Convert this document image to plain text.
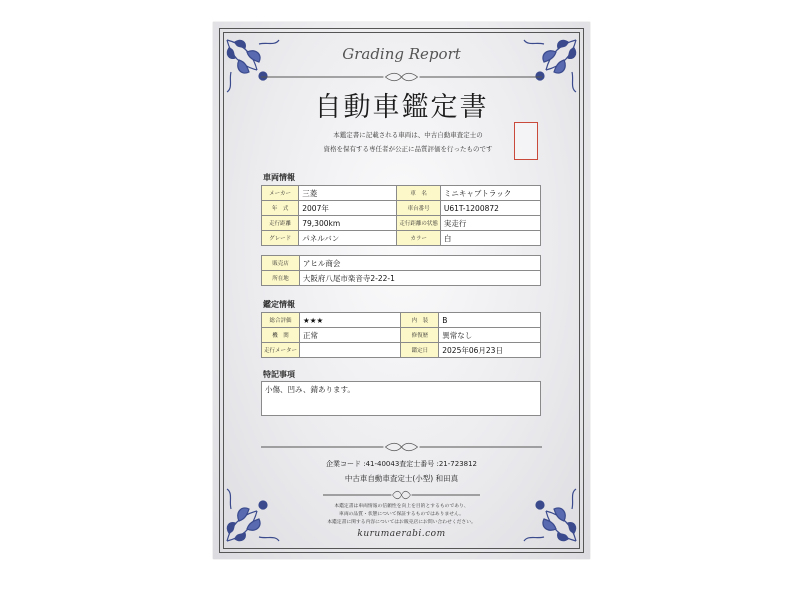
Grading Report
自動車鑑定書
本鑑定書に記載される車両は、中古自動車査定士の
資格を保有する専任者が公正に品質評価を行ったものです
車両情報
メーカー	三菱	車　名	ミニキャブトラック
年　式	2007年	車台番号	U61T-1200872
走行距離	79,300km	走行距離の状態	実走行
グレード	パネルバン	カラー	白
販売店	アヒル商会
所在地	大阪府八尾市楽音寺2-22-1
鑑定情報
総合評価	★★★	内　装	B
機　関	正常	修復歴	異常なし
走行メーター		鑑定日	2025年06月23日
特記事項
小傷、凹み、錆あります。
企業コード :41-40043査定士番号 :21-723812
中古車自動車査定士(小型) 和田真
本鑑定書は車両情報の信頼性を向上を目的とするものであり、
車両の品質・状態について保証するものではありません。
本鑑定書に関する内容についてはお販売店にお問い合わせください。
kurumaerabi.com
